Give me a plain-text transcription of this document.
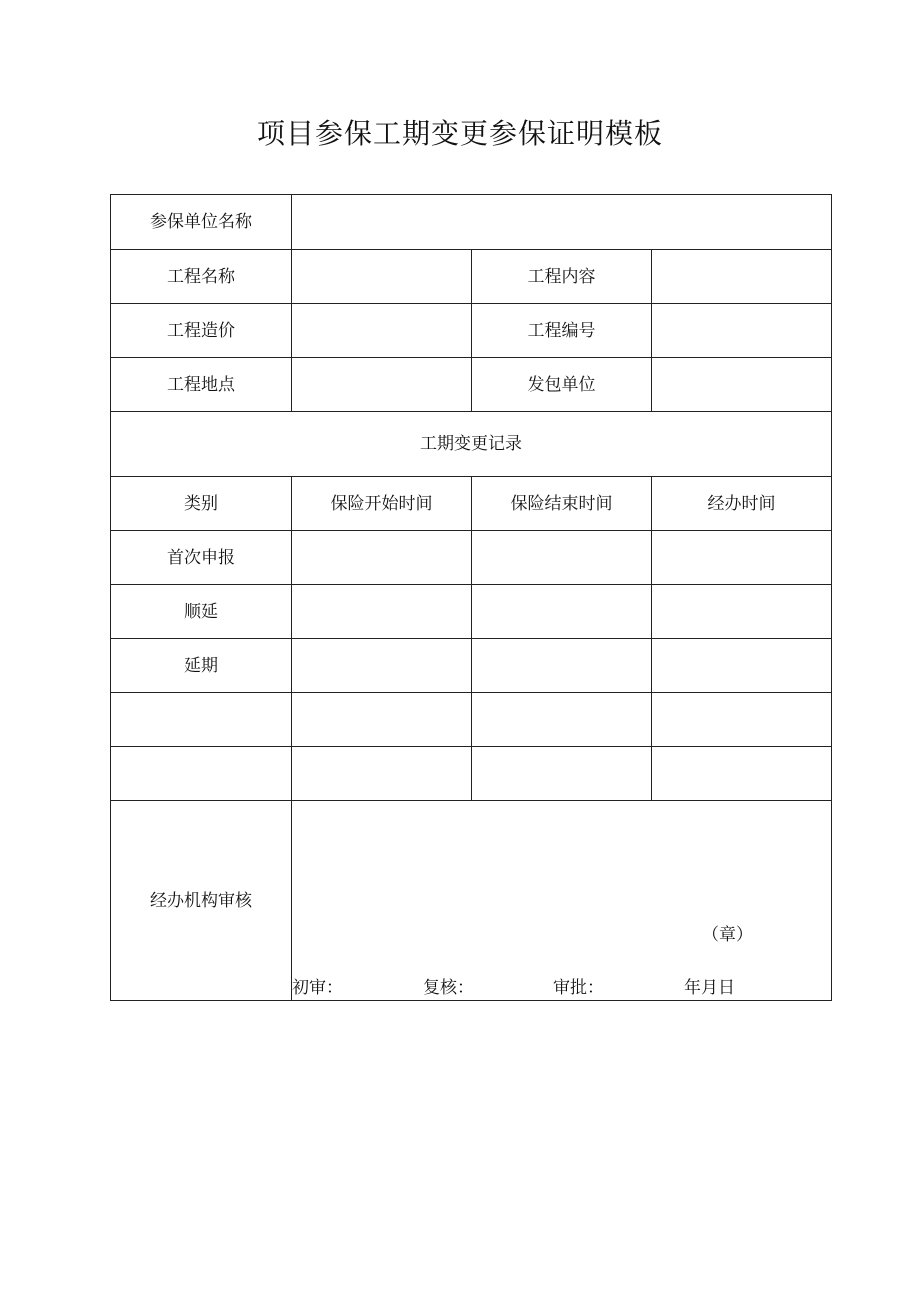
项目参保工期变更参保证明模板
参保单位名称			
工程名称		工程内容	
工程造价		工程编号	
工程地点		发包单位	
工期变更记录			
类别	保险开始时间	保险结束时间	经办时间
首次申报			
顺延			
延期			

经办机构审核	（章）
初审： 复核： 审批： 年月日		
